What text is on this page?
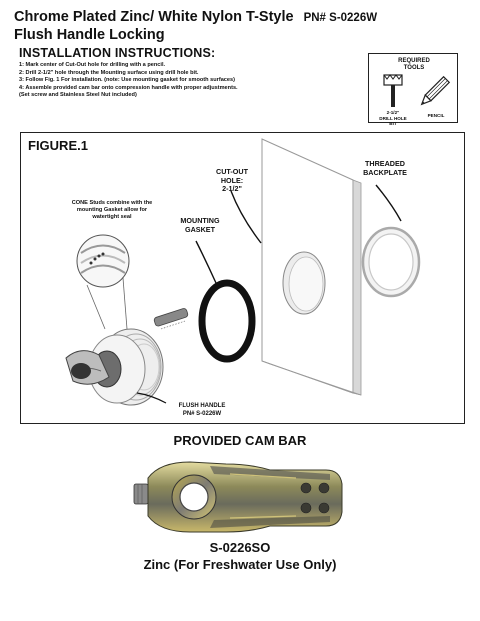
Chrome Plated Zinc/ White Nylon T-Style PN# S-0226W
Flush Handle Locking
INSTALLATION INSTRUCTIONS:
1: Mark center of Cut-Out hole for drilling with a pencil.
2: Drill 2-1/2" hole through the Mounting surface using drill hole bit.
3: Follow Fig. 1 For installation. (note: Use mounting gasket for smooth surfaces)
4: Assemble provided cam bar onto compression handle with proper adjustments.
(Set screw and Stainless Steel Nut included)
REQUIRED
TOOLS
2-1/2"
DRILL HOLE BIT
PENCIL
FIGURE.1
CUT-OUT
HOLE:
2-1/2"
THREADED
BACKPLATE
MOUNTING
GASKET
CONE Studs combine with the
mounting Gasket allow for
watertight seal
FLUSH HANDLE
PN# S-0226W
PROVIDED CAM BAR
S-0226SO
Zinc (For Freshwater Use Only)
